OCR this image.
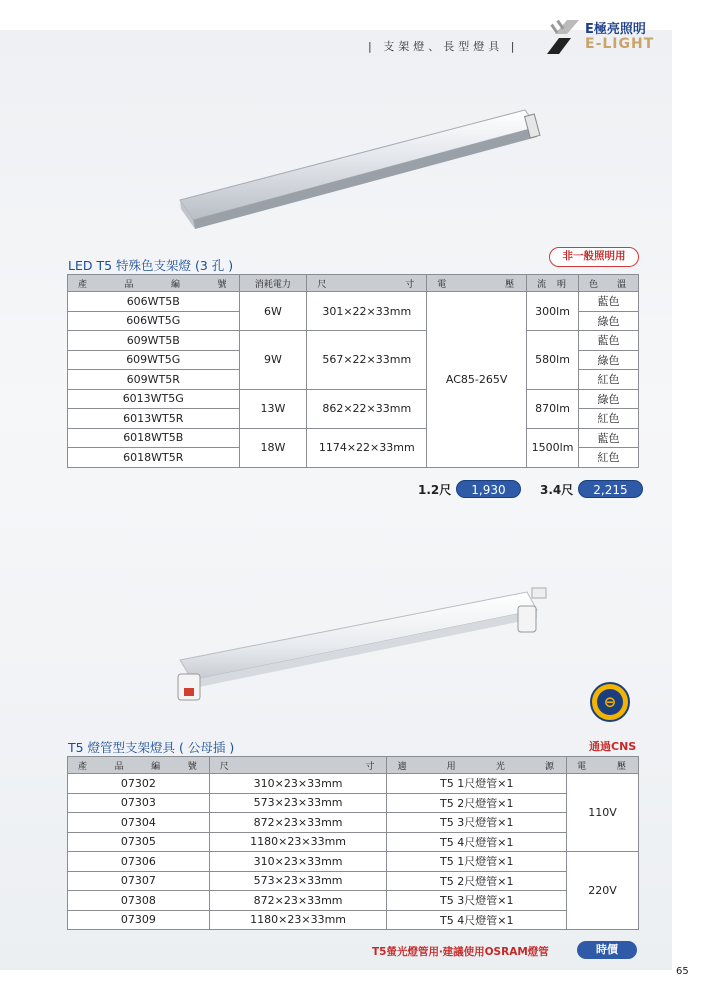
| 支架燈、長型燈具 |
E極亮照明
E-LIGHT
LED T5 特殊色支架燈 (3 孔 )
非一般照明用
產 品 編 號	消耗電力	尺 寸	電 壓	流 明	色 溫

606WT5B	6W	301×22×33mm	AC85-265V	300lm	藍色
606WT5G					綠色
609WT5B	9W	567×22×33mm		580lm	藍色
609WT5G					綠色
609WT5R					紅色
6013WT5G	13W	862×22×33mm		870lm	綠色
6013WT5R					紅色
6018WT5B	18W	1174×22×33mm		1500lm	藍色
6018WT5R					紅色
1.2尺	1,930	3.4尺	2,215
⊖
通過CNS
T5 燈管型支架燈具 ( 公母插 )
產 品 編 號	尺 寸	適 用 光 源	電 壓

07302	310×23×33mm	T5 1尺燈管×1	110V
07303	573×23×33mm	T5 2尺燈管×1	
07304	872×23×33mm	T5 3尺燈管×1	
07305	1180×23×33mm	T5 4尺燈管×1	
07306	310×23×33mm	T5 1尺燈管×1	220V
07307	573×23×33mm	T5 2尺燈管×1	
07308	872×23×33mm	T5 3尺燈管×1	
07309	1180×23×33mm	T5 4尺燈管×1	
T5螢光燈管用‧建議使用OSRAM燈管	時價
65
